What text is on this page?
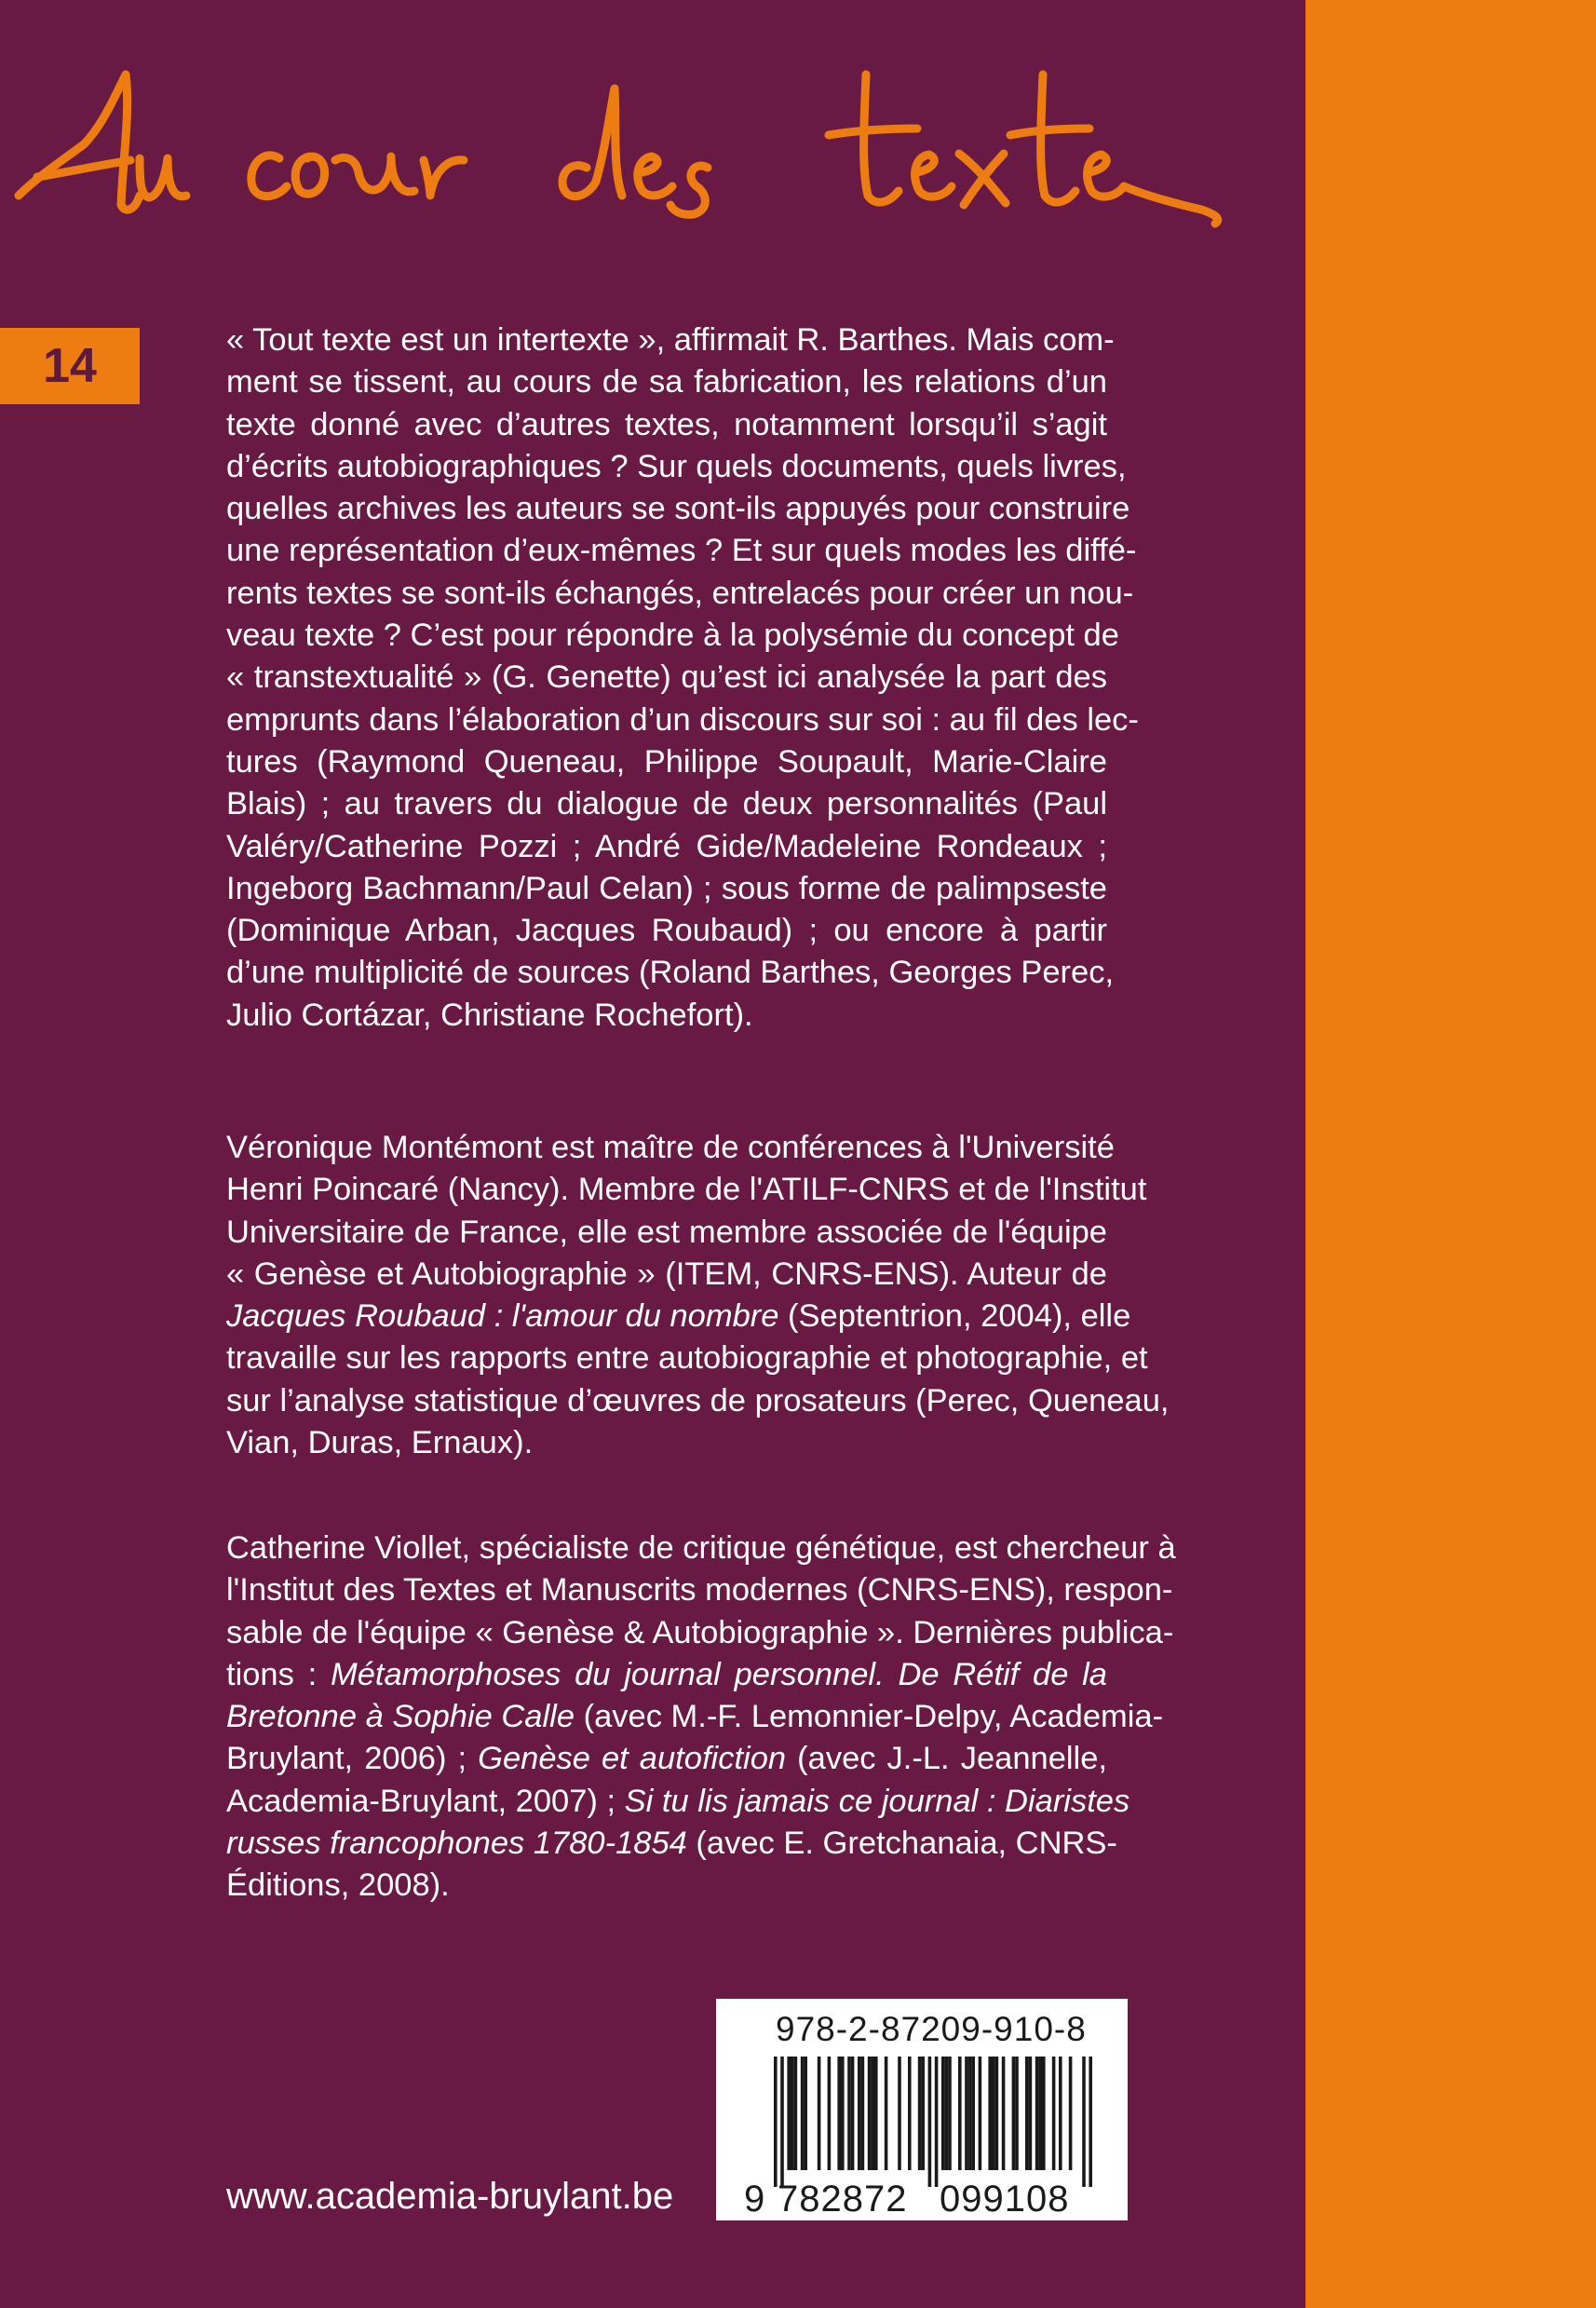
14	« Tout texte est un intertexte », affirmait R. Barthes. Mais com-
ment se tissent, au cours de sa fabrication, les relations d’un
texte donné avec d’autres textes, notamment lorsqu’il s’agit
d’écrits autobiographiques ? Sur quels documents, quels livres,
quelles archives les auteurs se sont-ils appuyés pour construire
une représentation d’eux-mêmes ? Et sur quels modes les diffé-
rents textes se sont-ils échangés, entrelacés pour créer un nou-
veau texte ? C’est pour répondre à la polysémie du concept de
« transtextualité » (G. Genette) qu’est ici analysée la part des
emprunts dans l’élaboration d’un discours sur soi : au fil des lec-
tures (Raymond Queneau, Philippe Soupault, Marie-Claire
Blais) ; au travers du dialogue de deux personnalités (Paul
Valéry/Catherine Pozzi ; André Gide/Madeleine Rondeaux ;
Ingeborg Bachmann/Paul Celan) ; sous forme de palimpseste
(Dominique Arban, Jacques Roubaud) ; ou encore à partir
d’une multiplicité de sources (Roland Barthes, Georges Perec,
Julio Cortázar, Christiane Rochefort).
Véronique Montémont est maître de conférences à l'Université
Henri Poincaré (Nancy). Membre de l'ATILF-CNRS et de l'Institut
Universitaire de France, elle est membre associée de l'équipe
« Genèse et Autobiographie » (ITEM, CNRS-ENS). Auteur de
Jacques Roubaud : l'amour du nombre (Septentrion, 2004), elle
travaille sur les rapports entre autobiographie et photographie, et
sur l’analyse statistique d’œuvres de prosateurs (Perec, Queneau,
Vian, Duras, Ernaux).
Catherine Viollet, spécialiste de critique génétique, est chercheur à
l'Institut des Textes et Manuscrits modernes (CNRS-ENS), respon-
sable de l'équipe « Genèse & Autobiographie ». Dernières publica-
tions : Métamorphoses du journal personnel. De Rétif de la
Bretonne à Sophie Calle (avec M.-F. Lemonnier-Delpy, Academia-
Bruylant, 2006) ; Genèse et autofiction (avec J.-L. Jeannelle,
Academia-Bruylant, 2007) ; Si tu lis jamais ce journal : Diaristes
russes francophones 1780-1854 (avec E. Gretchanaia, CNRS-
Éditions, 2008).
978-2-87209-910-8
9 782872 099108
www.academia-bruylant.be
